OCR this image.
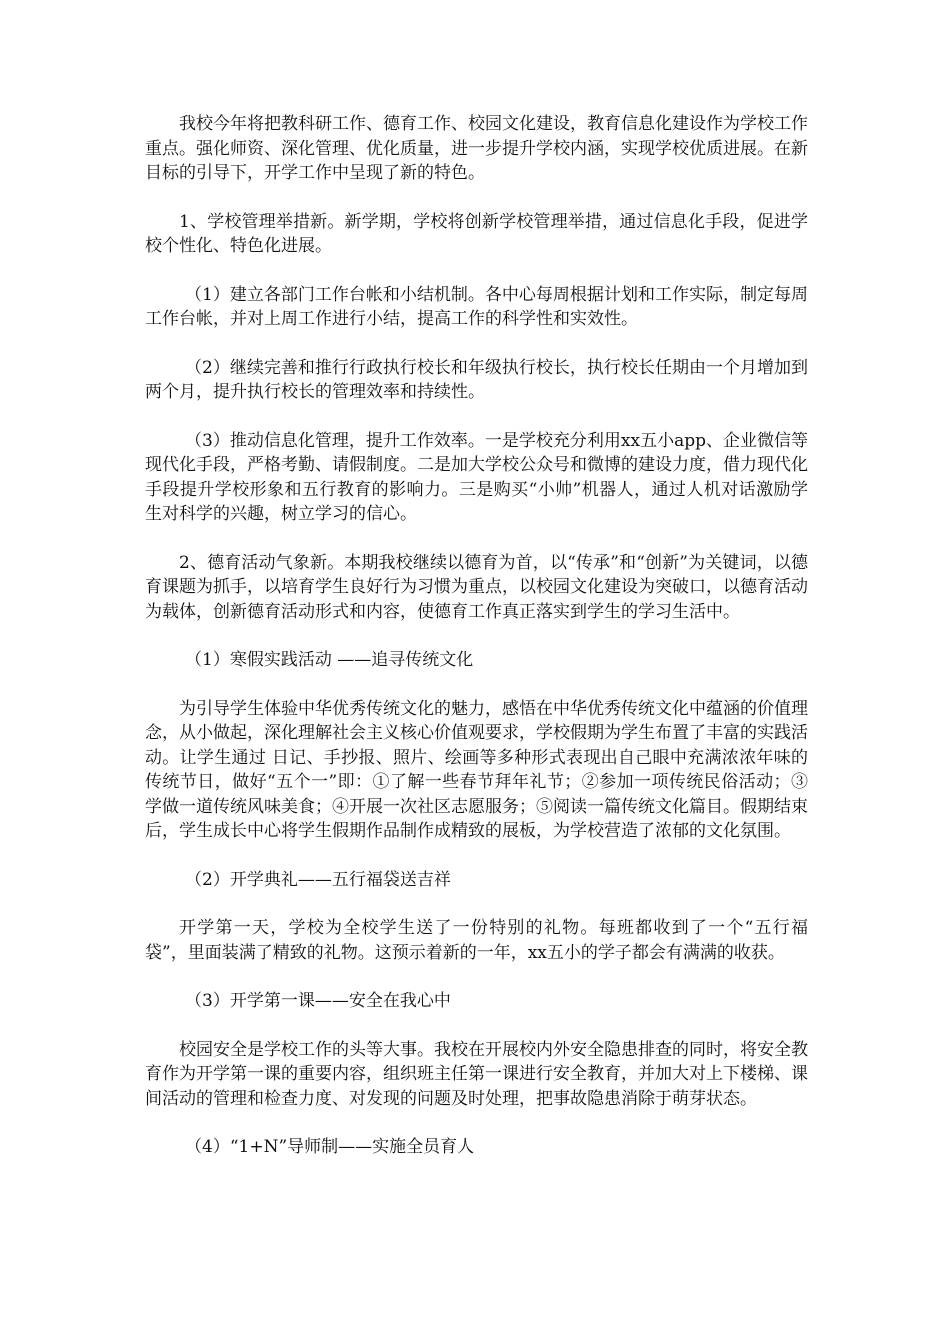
我校今年将把教科研工作、德育工作、校园文化建设，教育信息化建设作为学校工作重点。强化师资、深化管理、优化质量，进一步提升学校内涵，实现学校优质进展。在新目标的引导下，开学工作中呈现了新的特色。

1、学校管理举措新。新学期，学校将创新学校管理举措，通过信息化手段，促进学校个性化、特色化进展。

（1）建立各部门工作台帐和小结机制。各中心每周根据计划和工作实际，制定每周工作台帐，并对上周工作进行小结，提高工作的科学性和实效性。

（2）继续完善和推行行政执行校长和年级执行校长，执行校长任期由一个月增加到两个月，提升执行校长的管理效率和持续性。

（3）推动信息化管理，提升工作效率。一是学校充分利用xx五小app、企业微信等现代化手段，严格考勤、请假制度。二是加大学校公众号和微博的建设力度，借力现代化手段提升学校形象和五行教育的影响力。三是购买“小帅”机器人，通过人机对话激励学生对科学的兴趣，树立学习的信心。

2、德育活动气象新。本期我校继续以德育为首，以“传承”和“创新”为关键词，以德育课题为抓手，以培育学生良好行为习惯为重点，以校园文化建设为突破口，以德育活动为载体，创新德育活动形式和内容，使德育工作真正落实到学生的学习生活中。

（1）寒假实践活动 ——追寻传统文化

为引导学生体验中华优秀传统文化的魅力，感悟在中华优秀传统文化中蕴涵的价值理念，从小做起，深化理解社会主义核心价值观要求，学校假期为学生布置了丰富的实践活动。让学生通过 日记、手抄报、照片、绘画等多种形式表现出自己眼中充满浓浓年味的传统节日，做好“五个一”即：①了解一些春节拜年礼节；②参加一项传统民俗活动；③学做一道传统风味美食；④开展一次社区志愿服务；⑤阅读一篇传统文化篇目。假期结束后，学生成长中心将学生假期作品制作成精致的展板，为学校营造了浓郁的文化氛围。

（2）开学典礼——五行福袋送吉祥

开学第一天，学校为全校学生送了一份特别的礼物。每班都收到了一个“五行福袋”，里面装满了精致的礼物。这预示着新的一年，xx五小的学子都会有满满的收获。

（3）开学第一课——安全在我心中

校园安全是学校工作的头等大事。我校在开展校内外安全隐患排查的同时，将安全教育作为开学第一课的重要内容，组织班主任第一课进行安全教育，并加大对上下楼梯、课间活动的管理和检查力度、对发现的问题及时处理，把事故隐患消除于萌芽状态。

（4）“1+N”导师制——实施全员育人
